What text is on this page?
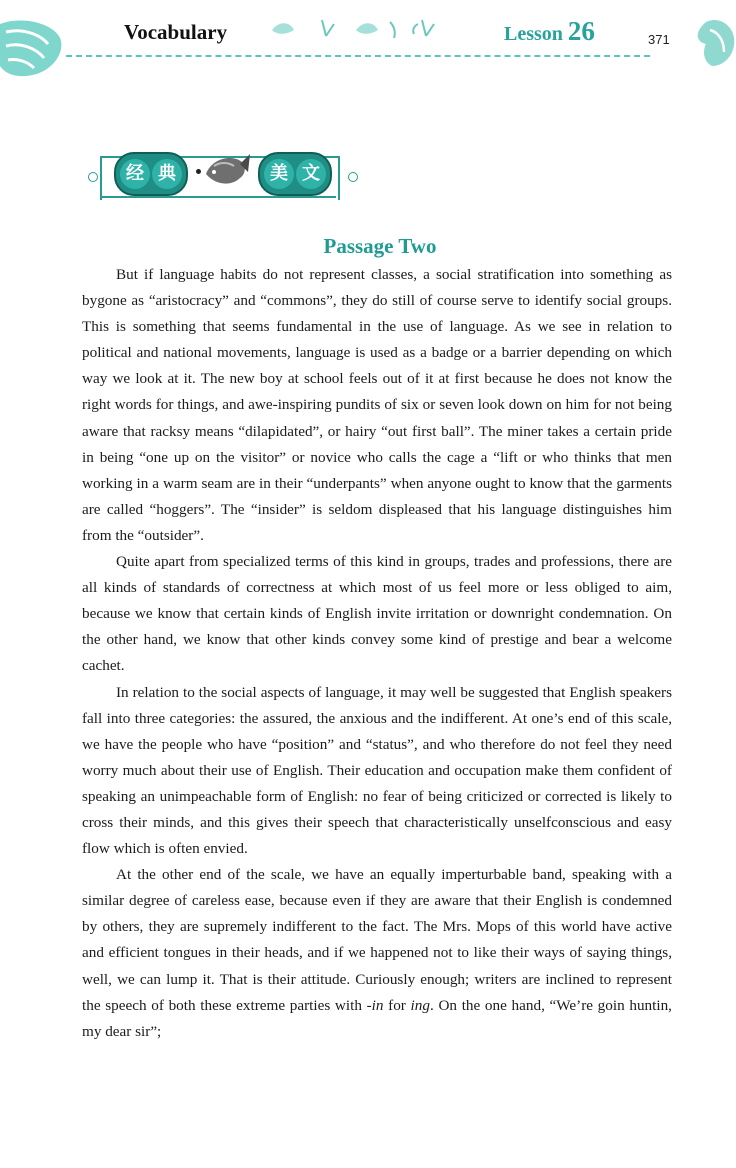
Vocabulary	Lesson 26	371
经 典	美 文
Passage Two

But if language habits do not represent classes, a social stratification into something as bygone as “aristocracy” and “commons”, they do still of course serve to identify social groups. This is something that seems fundamental in the use of language. As we see in relation to political and national movements, language is used as a badge or a barrier depending on which way we look at it. The new boy at school feels out of it at first because he does not know the right words for things, and awe-inspiring pundits of six or seven look down on him for not being aware that racksy means “dilapidated”, or hairy “out first ball”. The miner takes a certain pride in being “one up on the visitor” or novice who calls the cage a “lift or who thinks that men working in a warm seam are in their “underpants” when anyone ought to know that the garments are called “hoggers”. The “insider” is seldom displeased that his language distinguishes him from the “outsider”.

Quite apart from specialized terms of this kind in groups, trades and professions, there are all kinds of standards of correctness at which most of us feel more or less obliged to aim, because we know that certain kinds of English invite irritation or downright condemnation. On the other hand, we know that other kinds convey some kind of prestige and bear a welcome cachet.

In relation to the social aspects of language, it may well be suggested that English speakers fall into three categories: the assured, the anxious and the indifferent. At one’s end of this scale, we have the people who have “position” and “status”, and who therefore do not feel they need worry much about their use of English. Their education and occupation make them confident of speaking an unimpeachable form of English: no fear of being criticized or corrected is likely to cross their minds, and this gives their speech that characteristically unselfconscious and easy flow which is often envied.

At the other end of the scale, we have an equally imperturbable band, speaking with a similar degree of careless ease, because even if they are aware that their English is condemned by others, they are supremely indifferent to the fact. The Mrs. Mops of this world have active and efficient tongues in their heads, and if we happened not to like their ways of saying things, well, we can lump it. That is their attitude. Curiously enough; writers are inclined to represent the speech of both these extreme parties with -in for ing. On the one hand, “We’re goin huntin, my dear sir”;
